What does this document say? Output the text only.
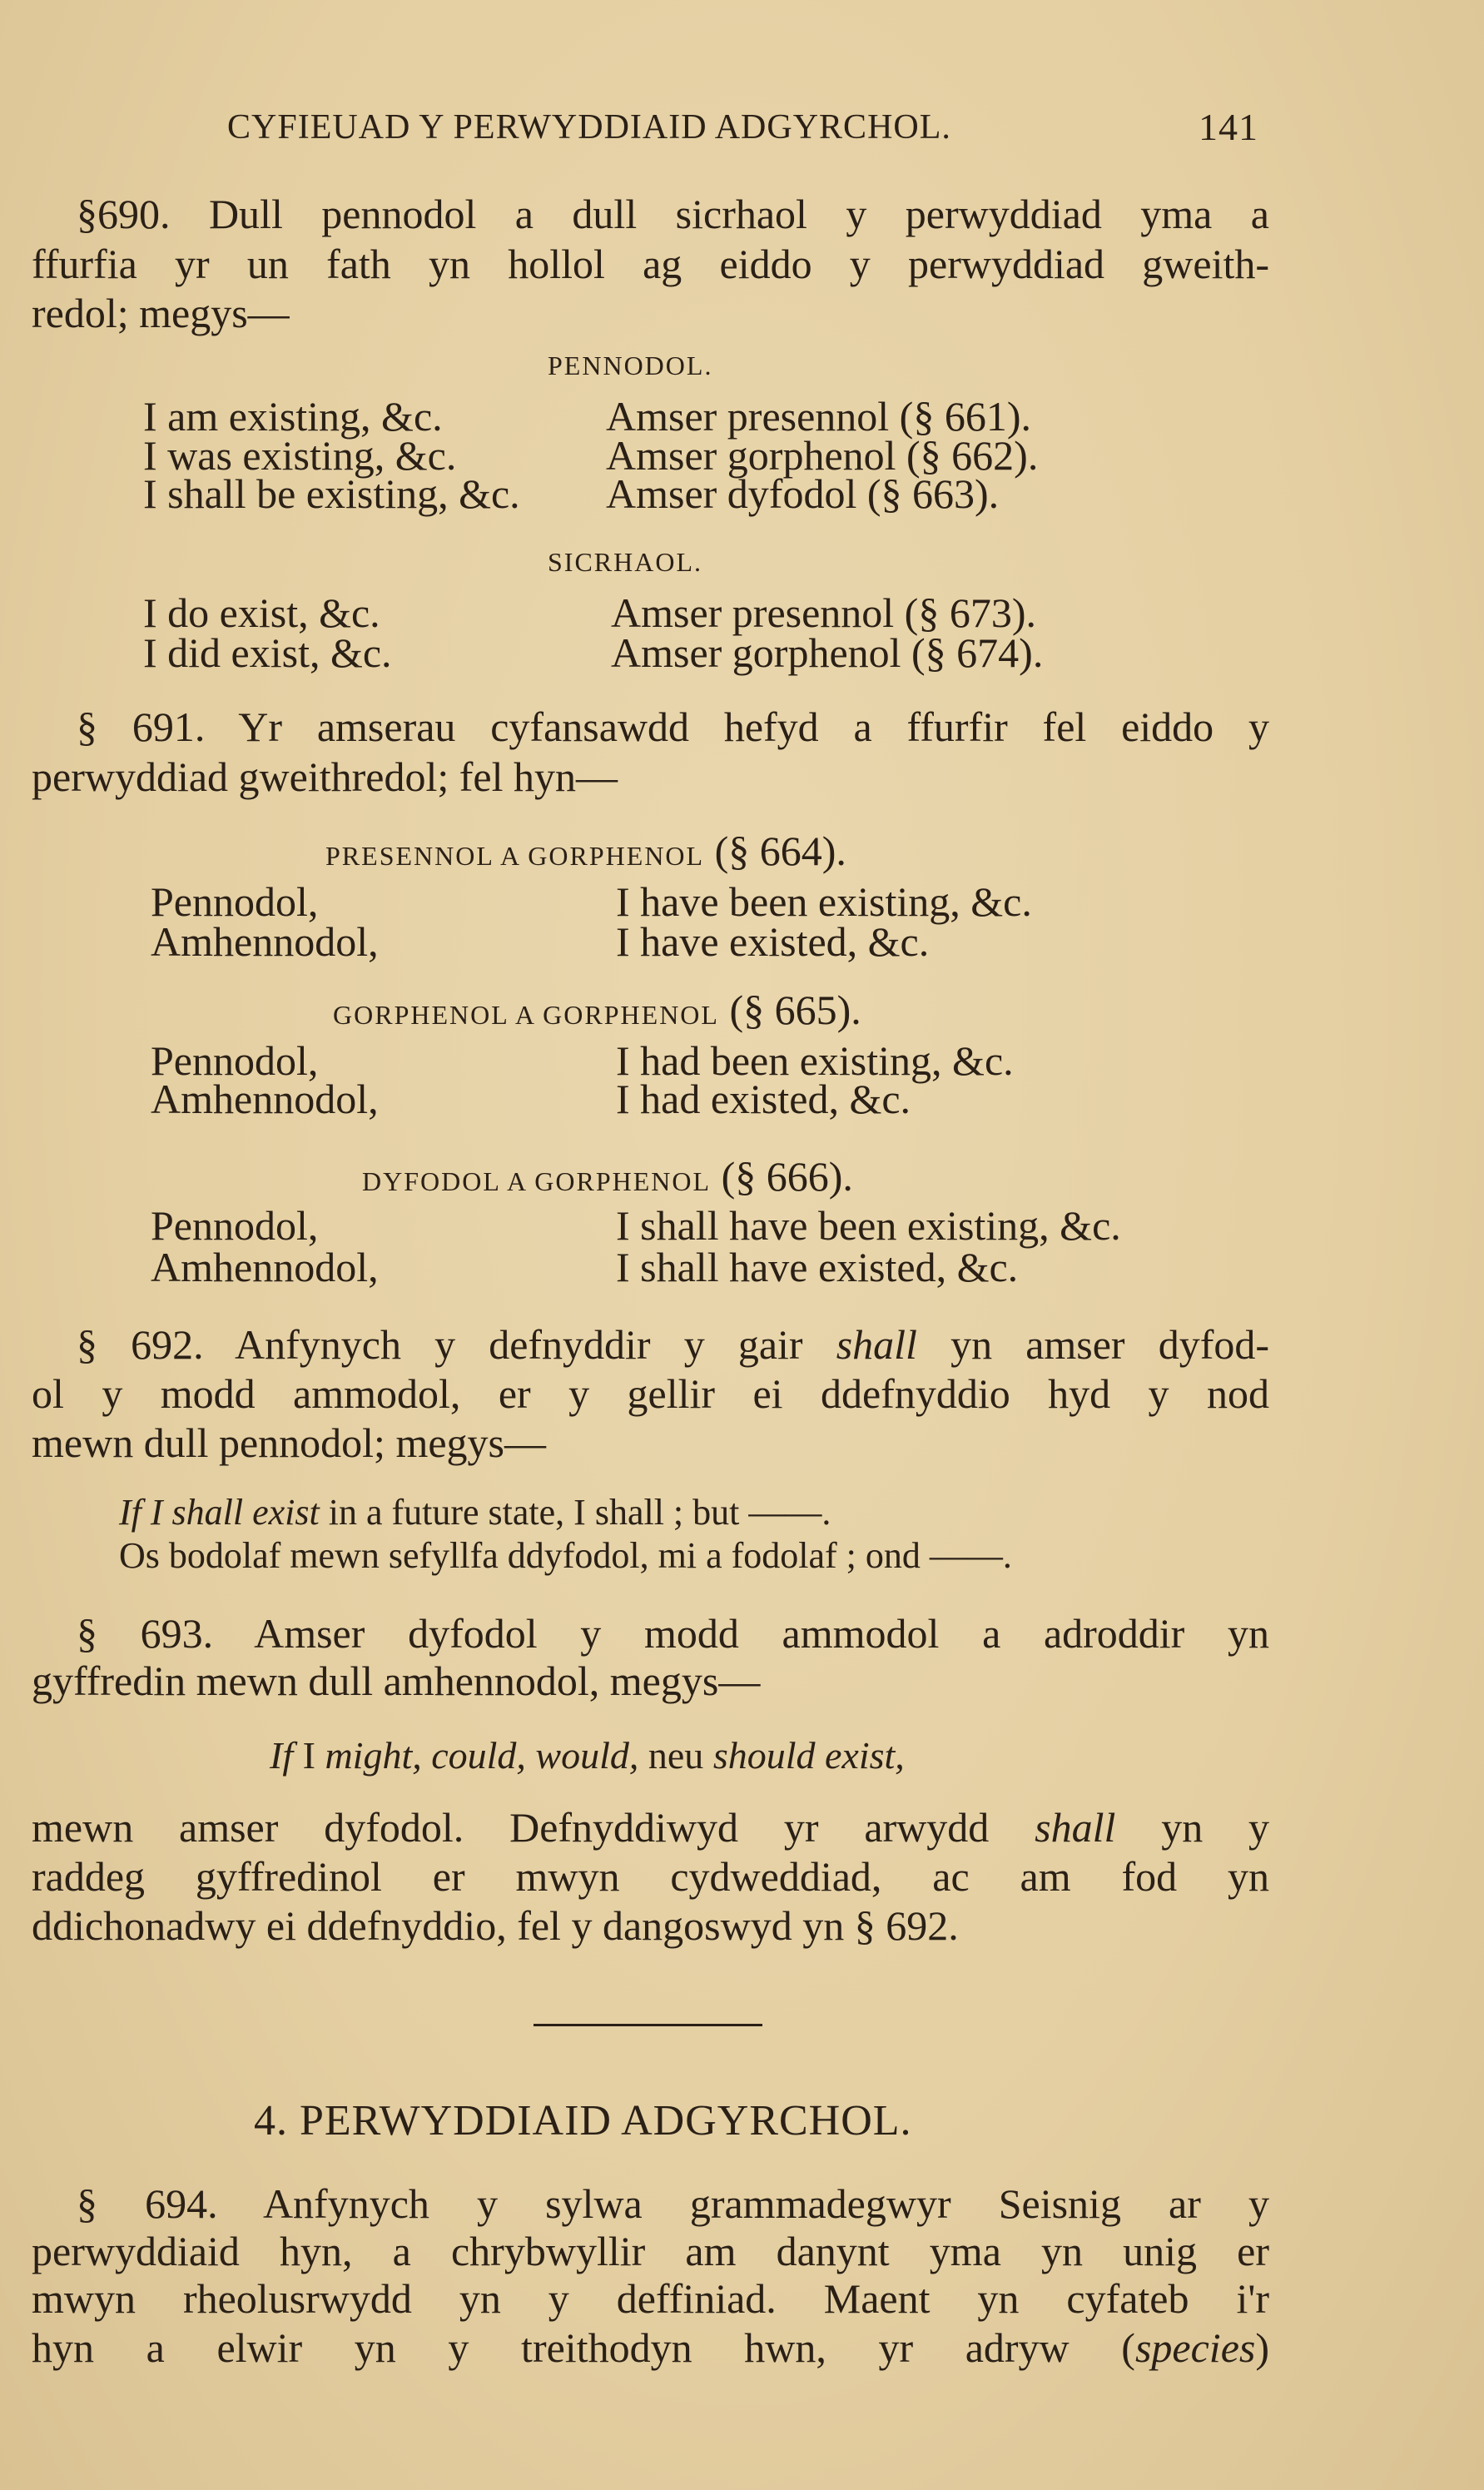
CYFIEUAD Y PERWYDDIAID ADGYRCHOL.	141
§690. Dull pennodol a dull sicrhaol y perwyddiad yma a
ffurfia yr un fath yn hollol ag eiddo y perwyddiad gweith-
redol; megys—
PENNODOL.
I am existing, &c.	Amser presennol (§ 661).
I was existing, &c.	Amser gorphenol (§ 662).
I shall be existing, &c. Amser dyfodol (§ 663).
SICRHAOL.
I do exist, &c.	Amser presennol (§ 673).
I did exist, &c.	Amser gorphenol (§ 674).
§ 691. Yr amserau cyfansawdd hefyd a ffurfir fel eiddo y
perwyddiad gweithredol; fel hyn—
PRESENNOL A GORPHENOL (§ 664).
Pennodol,	I have been existing, &c.
Amhennodol,	I have existed, &c.
GORPHENOL A GORPHENOL (§ 665).
Pennodol,	I had been existing, &c.
Amhennodol,	I had existed, &c.
DYFODOL A GORPHENOL (§ 666).
Pennodol,	I shall have been existing, &c.
Amhennodol,	I shall have existed, &c.
§ 692. Anfynych y defnyddir y gair shall yn amser dyfod-
ol y modd ammodol, er y gellir ei ddefnyddio hyd y nod
mewn dull pennodol; megys—
If I shall exist in a future state, I shall ; but ——.
Os bodolaf mewn sefyllfa ddyfodol, mi a fodolaf ; ond ——.
§ 693. Amser dyfodol y modd ammodol a adroddir yn
gyffredin mewn dull amhennodol, megys—
If I might, could, would, neu should exist,
mewn amser dyfodol. Defnyddiwyd yr arwydd shall yn y
raddeg gyffredinol er mwyn cydweddiad, ac am fod yn
ddichonadwy ei ddefnyddio, fel y dangoswyd yn § 692.
4. PERWYDDIAID ADGYRCHOL.
§ 694. Anfynych y sylwa grammadegwyr Seisnig ar y
perwyddiaid hyn, a chrybwyllir am danynt yma yn unig er
mwyn rheolusrwydd yn y deffiniad. Maent yn cyfateb i'r
hyn a elwir yn y treithodyn hwn, yr adryw (species)
